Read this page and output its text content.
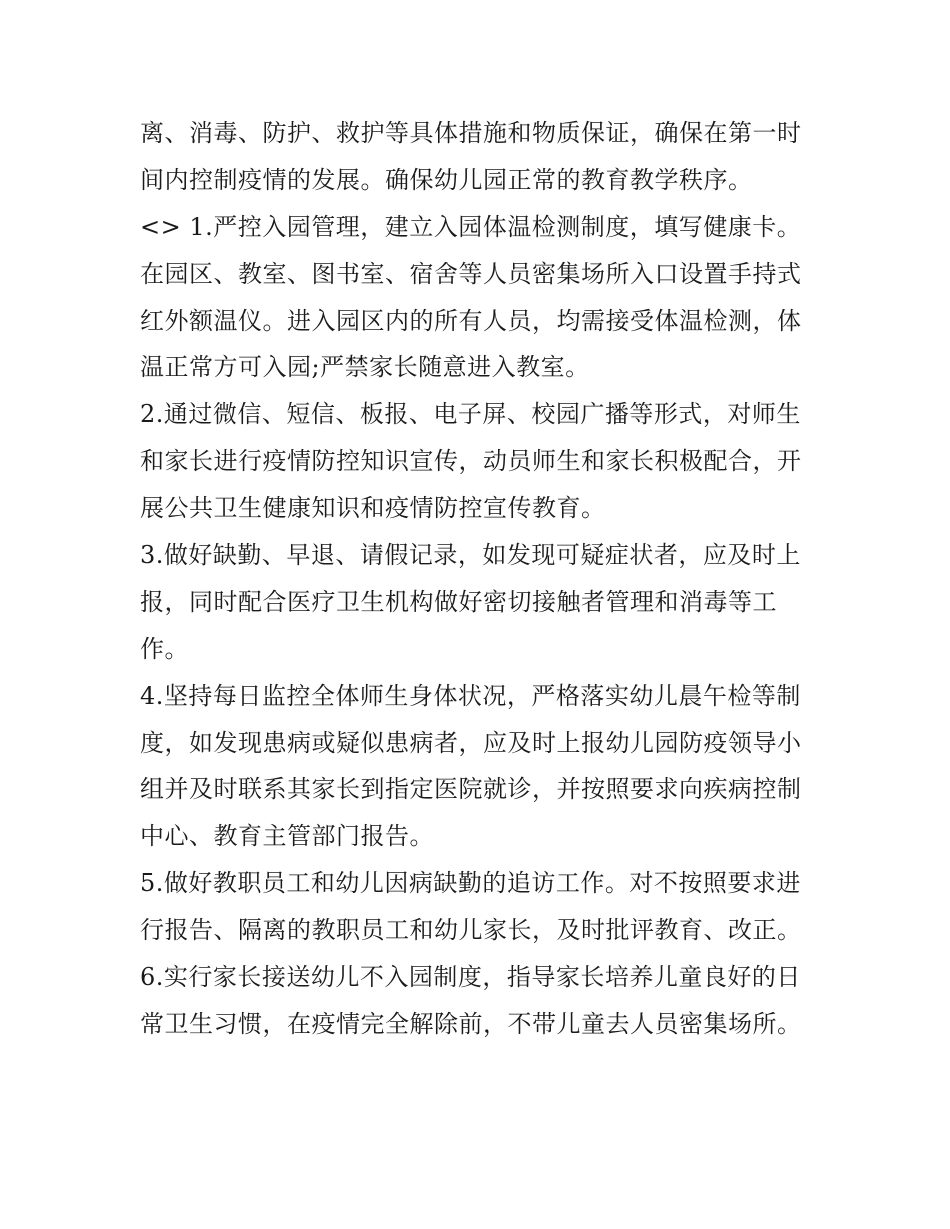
离、消毒、防护、救护等具体措施和物质保证，确保在第一时
间内控制疫情的发展。确保幼儿园正常的教育教学秩序。
<> 1.严控入园管理，建立入园体温检测制度，填写健康卡。
在园区、教室、图书室、宿舍等人员密集场所入口设置手持式
红外额温仪。进入园区内的所有人员，均需接受体温检测，体
温正常方可入园;严禁家长随意进入教室。
2.通过微信、短信、板报、电子屏、校园广播等形式，对师生
和家长进行疫情防控知识宣传，动员师生和家长积极配合，开
展公共卫生健康知识和疫情防控宣传教育。
3.做好缺勤、早退、请假记录，如发现可疑症状者，应及时上
报，同时配合医疗卫生机构做好密切接触者管理和消毒等工
作。
4.坚持每日监控全体师生身体状况，严格落实幼儿晨午检等制
度，如发现患病或疑似患病者，应及时上报幼儿园防疫领导小
组并及时联系其家长到指定医院就诊，并按照要求向疾病控制
中心、教育主管部门报告。
5.做好教职员工和幼儿因病缺勤的追访工作。对不按照要求进
行报告、隔离的教职员工和幼儿家长，及时批评教育、改正。
6.实行家长接送幼儿不入园制度，指导家长培养儿童良好的日
常卫生习惯，在疫情完全解除前，不带儿童去人员密集场所。
